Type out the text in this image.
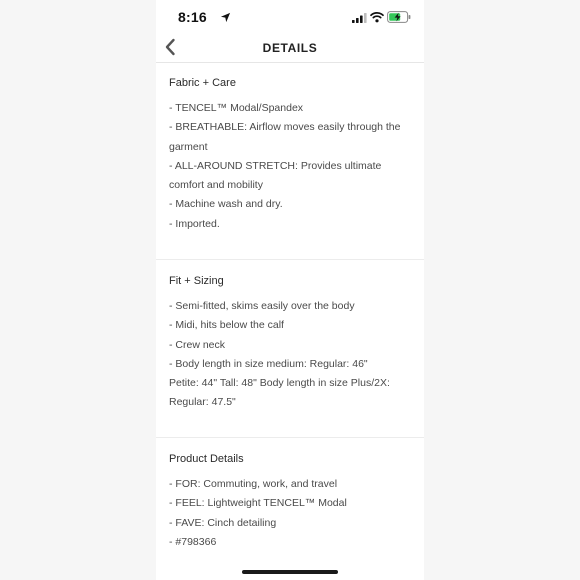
8:16
DETAILS
Fabric + Care
- TENCEL™ Modal/Spandex
- BREATHABLE: Airflow moves easily through the
garment
- ALL-AROUND STRETCH: Provides ultimate
comfort and mobility
- Machine wash and dry.
- Imported.
Fit + Sizing
- Semi-fitted, skims easily over the body
- Midi, hits below the calf
- Crew neck
- Body length in size medium: Regular: 46"
Petite: 44" Tall: 48" Body length in size Plus/2X:
Regular: 47.5"
Product Details
- FOR: Commuting, work, and travel
- FEEL: Lightweight TENCEL™ Modal
- FAVE: Cinch detailing
- #798366
